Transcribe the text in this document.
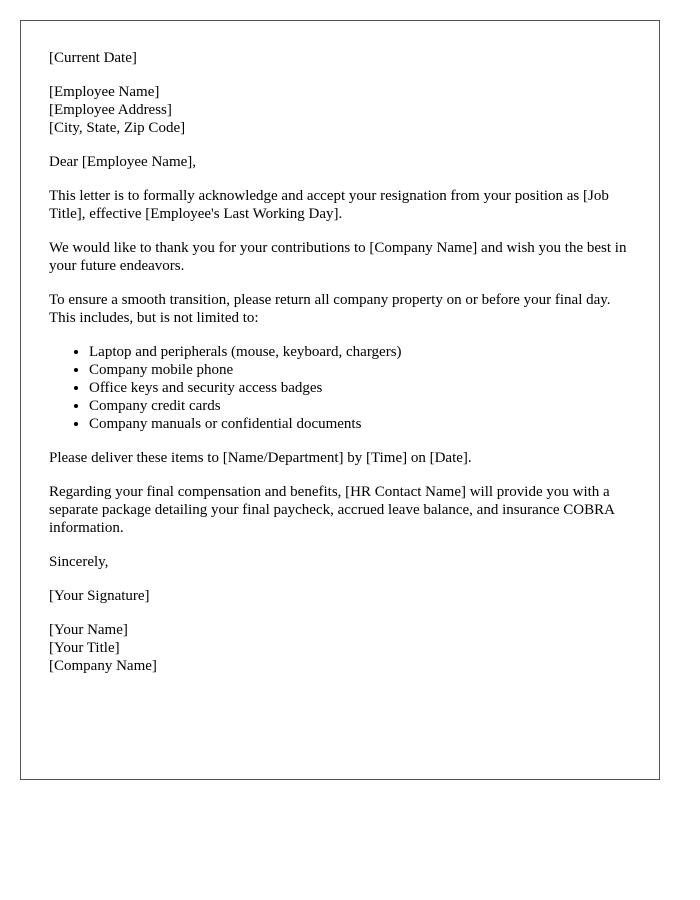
[Current Date]
[Employee Name]
[Employee Address]
[City, State, Zip Code]

Dear [Employee Name],

This letter is to formally acknowledge and accept your resignation from your position as [Job Title], effective [Employee's Last Working Day].

We would like to thank you for your contributions to [Company Name] and wish you the best in your future endeavors.

To ensure a smooth transition, please return all company property on or before your final day. This includes, but is not limited to:

• Laptop and peripherals (mouse, keyboard, chargers)
• Company mobile phone
• Office keys and security access badges
• Company credit cards
• Company manuals or confidential documents

Please deliver these items to [Name/Department] by [Time] on [Date].

Regarding your final compensation and benefits, [HR Contact Name] will provide you with a separate package detailing your final paycheck, accrued leave balance, and insurance COBRA information.

Sincerely,

[Your Signature]

[Your Name]
[Your Title]
[Company Name]
